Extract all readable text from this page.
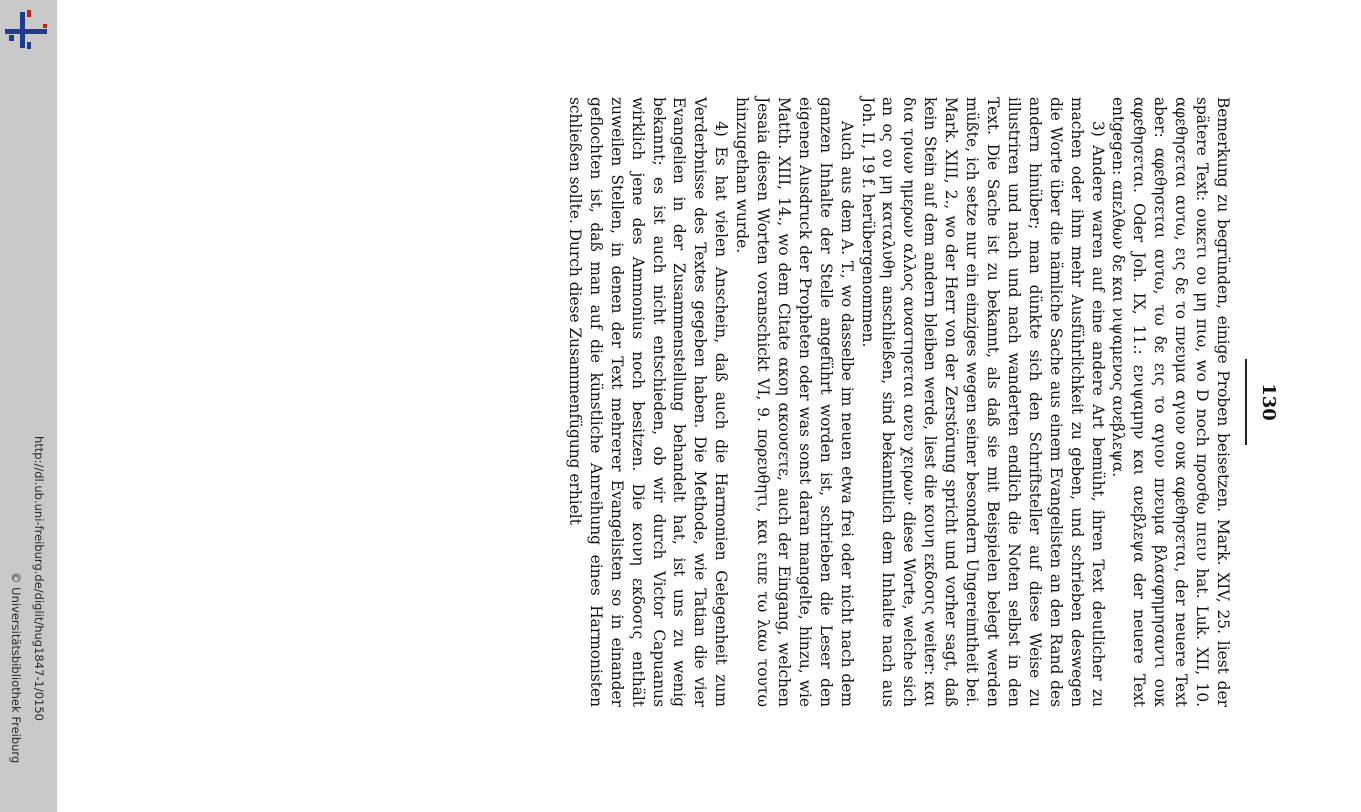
http://dl.ub.uni-freiburg.de/diglit/hug1847-1/0150
© Universitätsbibliothek Freiburg
130

Bemerkung zu begründen, einige Proben beisetzen. Mark. XIV, 25. liest der spätere Text: ουκετι ου μη πιω, wo D noch προσθω πιειν hat. Luk. XII, 10. αφεθησεται αυτω, εις δε το πνευμα αγιον ουκ αφεθησεται, der neuere Text aber: αφεθησεται αυτω, τω δε εις το αγιον πνευμα βλασφημησαντι ουκ αφεθησεται. Oder Joh. IX, 11.: ενιψαμην και ανεβλεψα der neuere Text entgegen: απελθων δε και νιψαμενος ανεβλεψα.

3) Andere waren auf eine andere Art bemüht, ihren Text deutlicher zu machen oder ihm mehr Ausführlichkeit zu geben, und schrieben deswegen die Worte über die nämliche Sache aus einem Evangelisten an den Rand des andern hinüber; man dünkte sich den Schriftsteller auf diese Weise zu illustriren und nach und nach wanderten endlich die Noten selbst in den Text. Die Sache ist zu bekannt, als daß sie mit Beispielen belegt werden müßte, ich setze nur ein einziges wegen seiner besondern Ungereimtheit bei. Mark. XIII, 2., wo der Herr von der Zerstörung spricht und vorher sagt, daß kein Stein auf dem andern bleiben werde, liest die κοινη εκδοσις weiter: και δια τριων ημερων αλλος αναστησεται ανευ χειρων· diese Worte, welche sich an ος ου μη καταλυθη anschließen, sind bekanntlich dem Inhalte nach aus Joh. II, 19 f. herübergenommen.

Auch aus dem A. T., wo dasselbe im neuen etwa frei oder nicht nach dem ganzen Inhalte der Stelle angeführt worden ist, schrieben die Leser den eigenen Ausdruck der Propheten oder was sonst daran mangelte, hinzu, wie Matth. XIII, 14., wo dem Citate ακοη ακουσετε, auch der Eingang, welchen Jesaia diesen Worten voranschickt VI, 9. πορευθητι, και ειπε τω λαω τουτω hinzugethan wurde.

4) Es hat vielen Anschein, daß auch die Harmonien Gelegenheit zum Verderbnisse des Textes gegeben haben. Die Methode, wie Tatian die vier Evangelien in der Zusammenstellung behandelt hat, ist uns zu wenig bekannt; es ist auch nicht entschieden, ob wir durch Victor Capuanus wirklich jene des Ammonius noch besitzen. Die κοινη εκδοσις enthält zuweilen Stellen, in denen der Text mehrerer Evangelisten so in einander geflochten ist, daß man auf die künstliche Anreihung eines Harmonisten schließen sollte. Durch diese Zusammenfügung erhielt
